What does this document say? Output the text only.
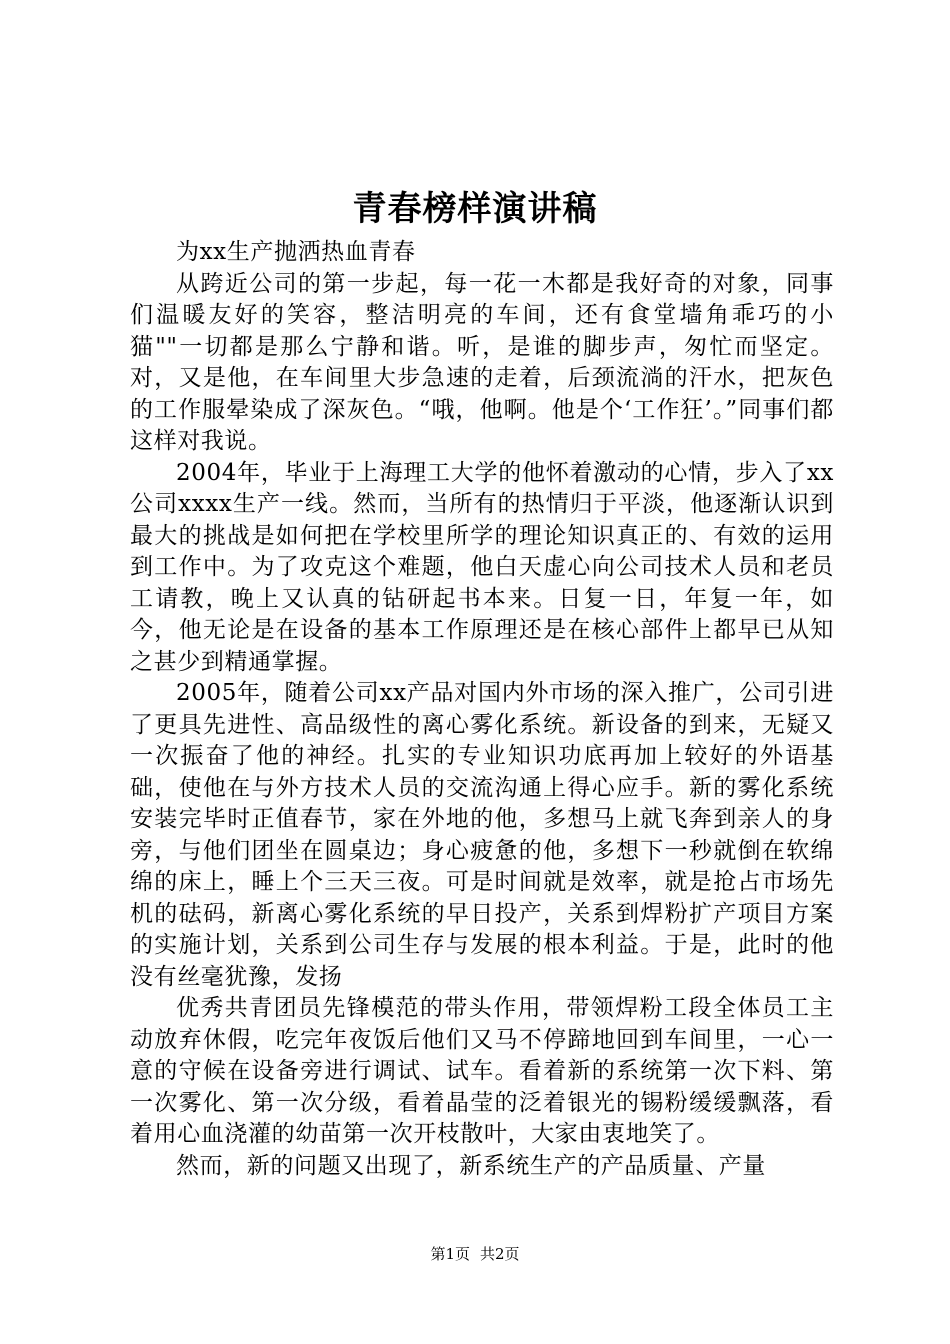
青春榜样演讲稿

为xx生产抛洒热血青春

从跨近公司的第一步起，每一花一木都是我好奇的对象，同事们温暖友好的笑容，整洁明亮的车间，还有食堂墙角乖巧的小猫""一切都是那么宁静和谐。听，是谁的脚步声，匆忙而坚定。对，又是他，在车间里大步急速的走着，后颈流淌的汗水，把灰色的工作服晕染成了深灰色。“哦，他啊。他是个‘工作狂’。”同事们都这样对我说。

2004年，毕业于上海理工大学的他怀着激动的心情，步入了xx公司xxxx生产一线。然而，当所有的热情归于平淡，他逐渐认识到最大的挑战是如何把在学校里所学的理论知识真正的、有效的运用到工作中。为了攻克这个难题，他白天虚心向公司技术人员和老员工请教，晚上又认真的钻研起书本来。日复一日，年复一年，如今，他无论是在设备的基本工作原理还是在核心部件上都早已从知之甚少到精通掌握。

2005年，随着公司xx产品对国内外市场的深入推广，公司引进了更具先进性、高品级性的离心雾化系统。新设备的到来，无疑又一次振奋了他的神经。扎实的专业知识功底再加上较好的外语基础，使他在与外方技术人员的交流沟通上得心应手。新的雾化系统安装完毕时正值春节，家在外地的他，多想马上就飞奔到亲人的身旁，与他们团坐在圆桌边；身心疲惫的他，多想下一秒就倒在软绵绵的床上，睡上个三天三夜。可是时间就是效率，就是抢占市场先机的砝码，新离心雾化系统的早日投产，关系到焊粉扩产项目方案的实施计划，关系到公司生存与发展的根本利益。于是，此时的他没有丝毫犹豫，发扬

优秀共青团员先锋模范的带头作用，带领焊粉工段全体员工主动放弃休假，吃完年夜饭后他们又马不停蹄地回到车间里，一心一意的守候在设备旁进行调试、试车。看着新的系统第一次下料、第一次雾化、第一次分级，看着晶莹的泛着银光的锡粉缓缓飘落，看着用心血浇灌的幼苗第一次开枝散叶，大家由衷地笑了。

然而，新的问题又出现了，新系统生产的产品质量、产量

第1页 共2页
